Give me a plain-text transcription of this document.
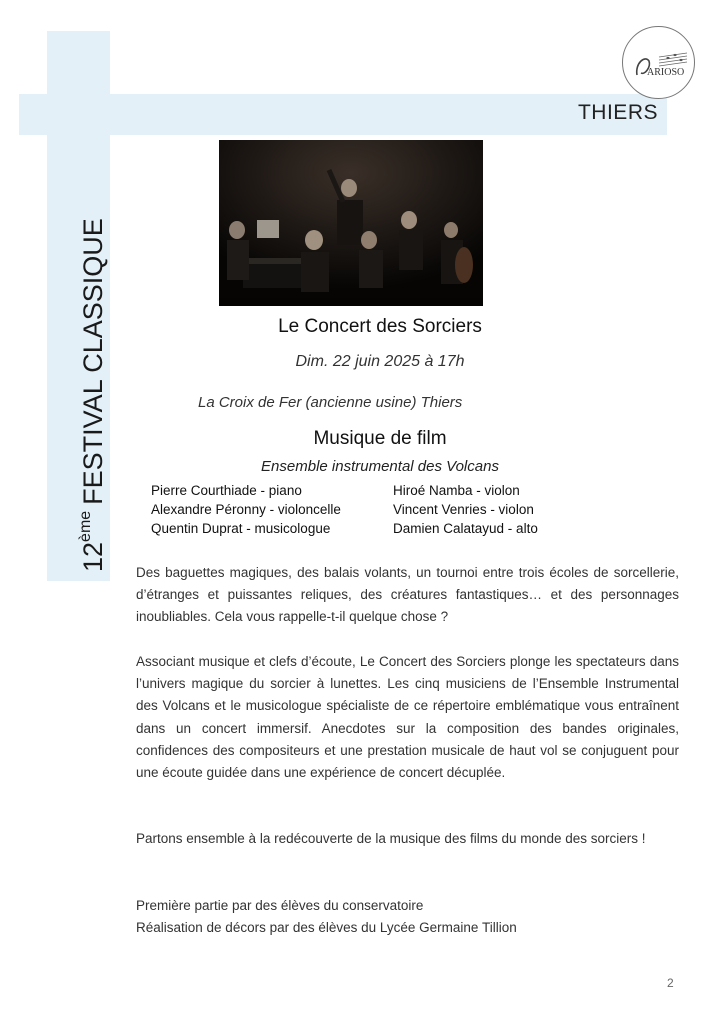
12èmeFESTIVAL CLASSIQUE
THIERS
ARIOSO
Le Concert des Sorciers
Dim. 22 juin 2025 à 17h
La Croix de Fer (ancienne usine) Thiers
Musique de film
Ensemble instrumental des Volcans
Pierre Courthiade - piano
Alexandre Péronny - violoncelle
Quentin Duprat - musicologue
Hiroé Namba - violon
Vincent Venries - violon
Damien Calatayud - alto

Des baguettes magiques, des balais volants, un tournoi entre trois écoles de sorcellerie, d’étranges et puissantes reliques, des créatures fantastiques… et des personnages inoubliables. Cela vous rappelle-t-il quelque chose ?

Associant musique et clefs d’écoute, Le Concert des Sorciers plonge les spectateurs dans l’univers magique du sorcier à lunettes. Les cinq musiciens de l’Ensemble Instrumental des Volcans et le musicologue spécialiste de ce répertoire emblématique vous entraînent dans un concert immersif. Anecdotes sur la composition des bandes originales, confidences des compositeurs et une prestation musicale de haut vol se conjuguent pour une écoute guidée dans une expérience de concert décuplée.

Partons ensemble à la redécouverte de la musique des films du monde des sorciers !

Première partie par des élèves du conservatoire
Réalisation de décors par des élèves du Lycée Germaine Tillion

2
